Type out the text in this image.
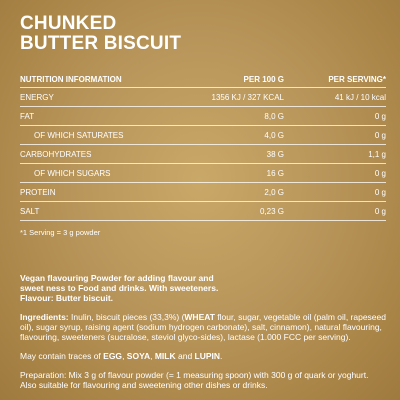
CHUNKED
BUTTER BISCUIT
NUTRITION INFORMATION	PER 100 G	PER SERVING*
ENERGY	1356 KJ / 327 KCAL	41 kJ / 10 kcal
FAT	8,0 G	0 g
OF WHICH SATURATES	4,0 G	0 g
CARBOHYDRATES	38 G	1,1 g
OF WHICH SUGARS	16 G	0 g
PROTEIN	2,0 G	0 g
SALT	0,23 G	0 g
*1 Serving = 3 g powder
Vegan flavouring Powder for adding flavour and
sweet ness to Food and drinks. With sweeteners.
Flavour: Butter biscuit.
Ingredients: Inulin, biscuit pieces (33,3%) (WHEAT flour, sugar, vegetable oil (palm oil, rapeseed oil), sugar syrup, raising agent (sodium hydrogen carbonate), salt, cinnamon), natural flavouring, flavouring, sweeteners (sucralose, steviol glyco-sides), lactase (1.000 FCC per serving).
May contain traces of EGG, SOYA, MILK and LUPIN.
Preparation: Mix 3 g of flavour powder (= 1 measuring spoon) with 300 g of quark or yoghurt. Also suitable for flavouring and sweetening other dishes or drinks.
